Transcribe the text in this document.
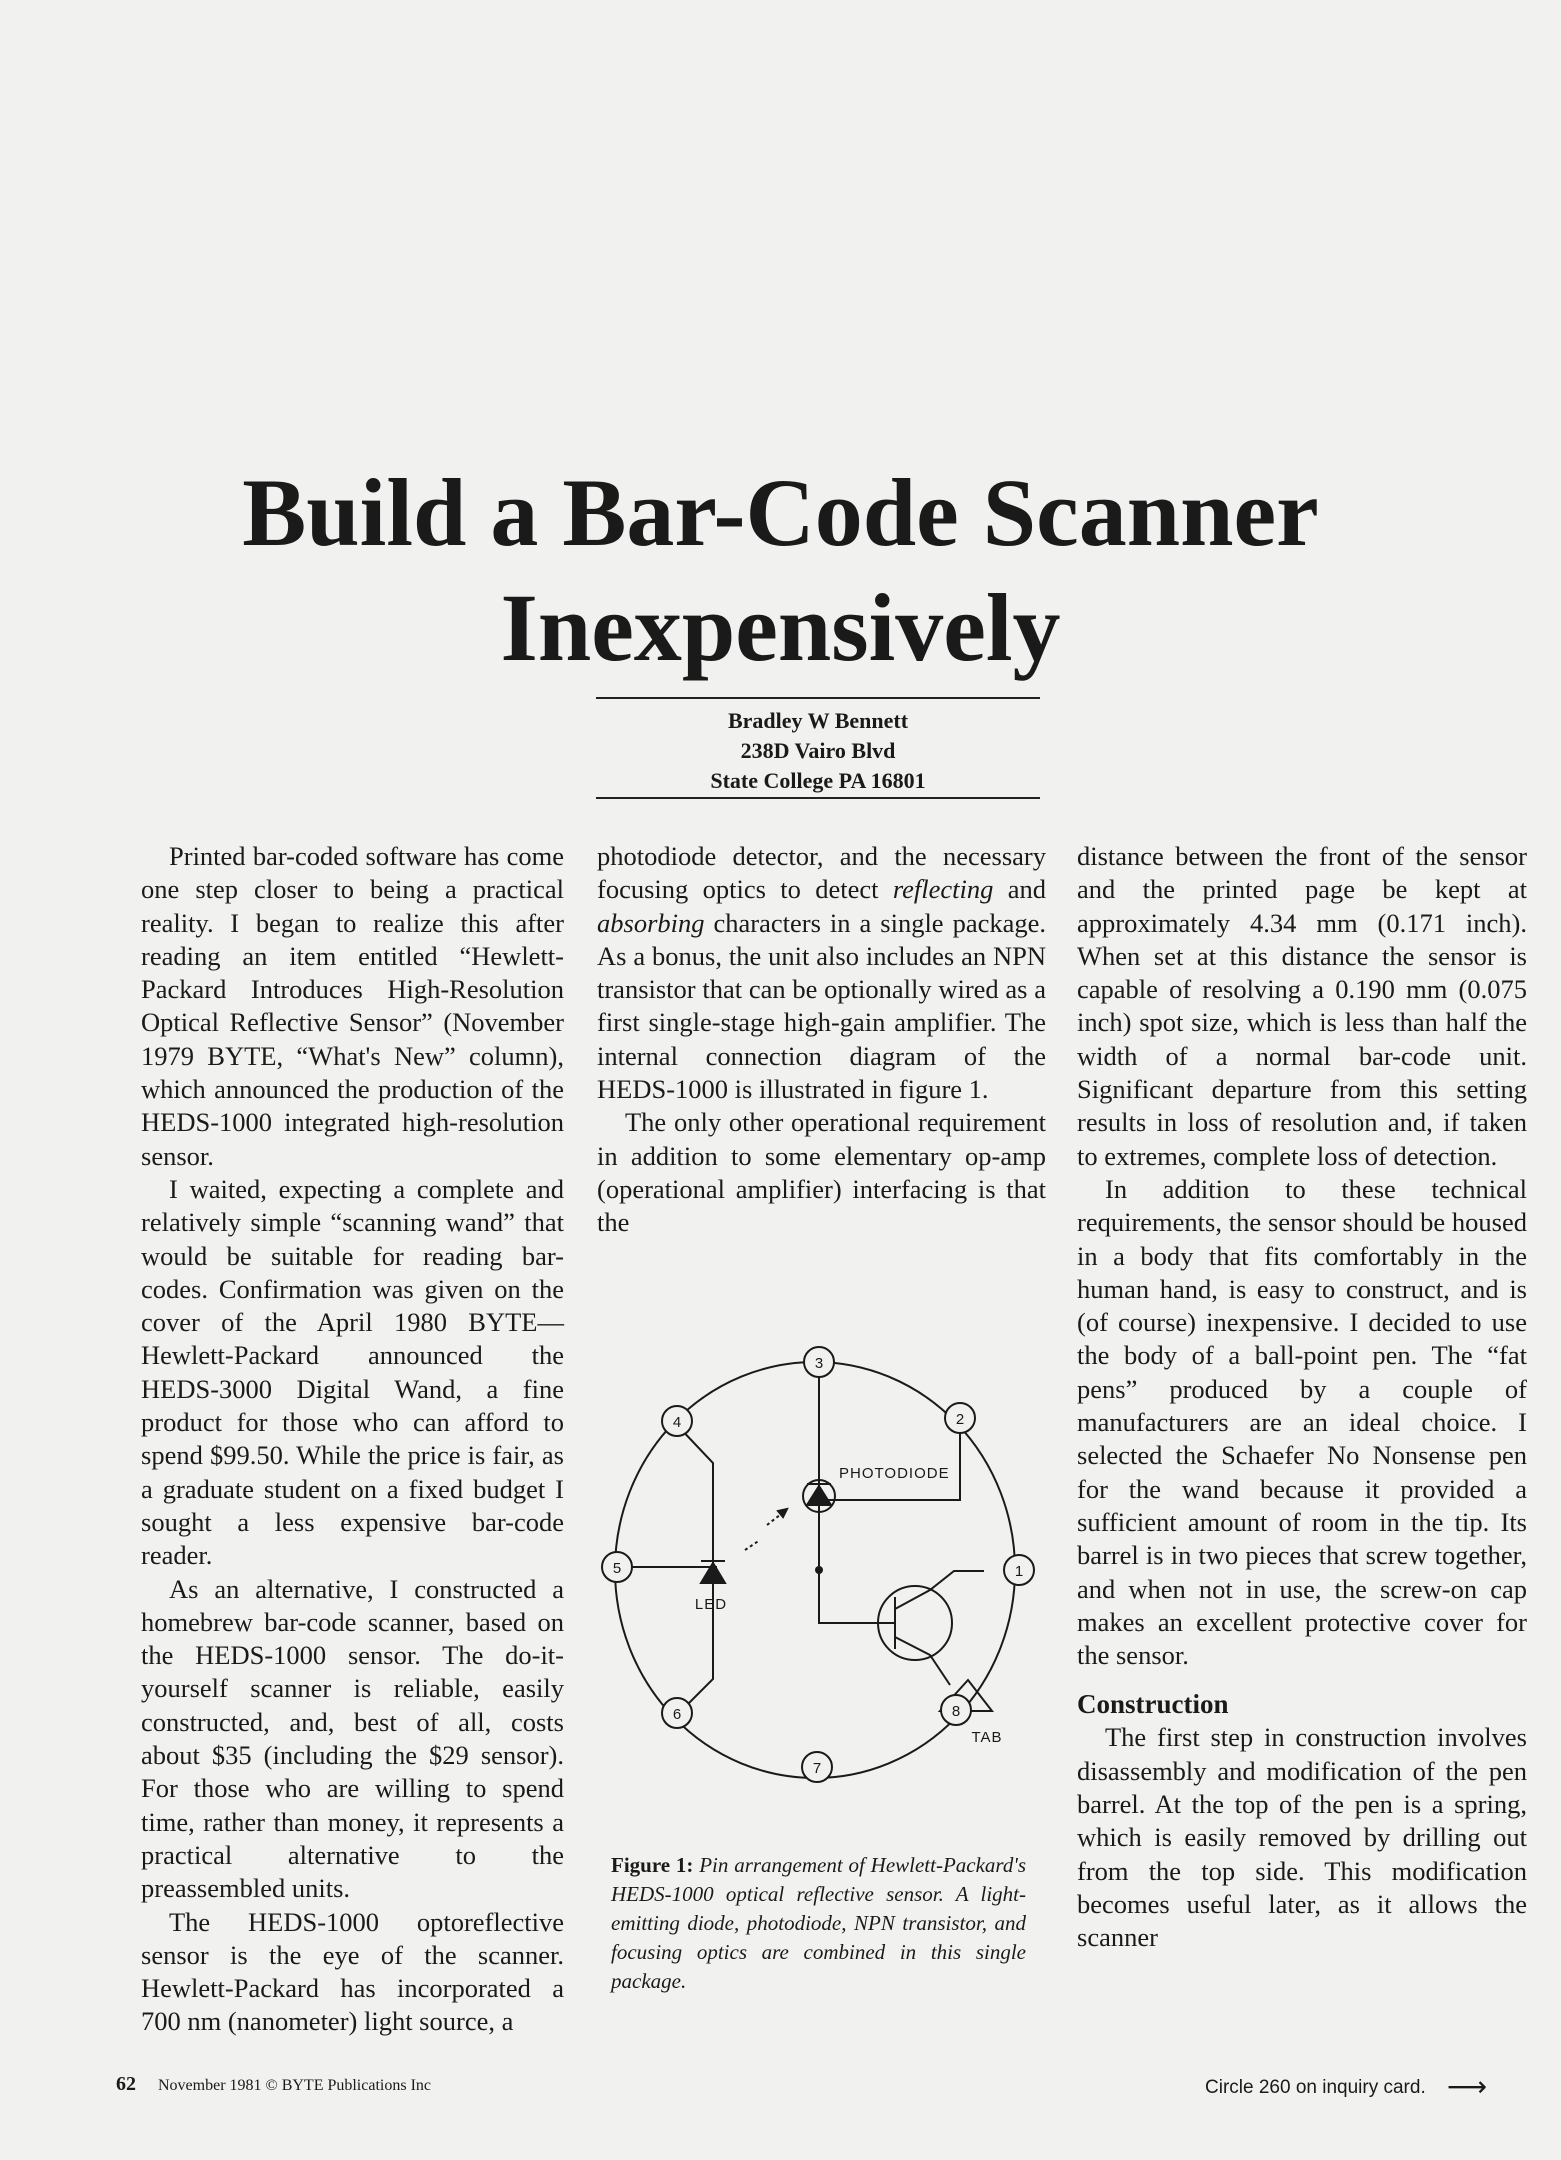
Build a Bar-Code Scanner
Inexpensively
Bradley W Bennett
238D Vairo Blvd
State College PA 16801

Printed bar-coded software has come one step closer to being a practical reality. I began to realize this after reading an item entitled “Hewlett-Packard Introduces High-Resolution Optical Reflective Sensor” (November 1979 BYTE, “What's New” column), which announced the production of the HEDS-1000 integrated high-resolution sensor.

I waited, expecting a complete and relatively simple “scanning wand” that would be suitable for reading bar-codes. Confirmation was given on the cover of the April 1980 BYTE—Hewlett-Packard announced the HEDS-3000 Digital Wand, a fine product for those who can afford to spend $99.50. While the price is fair, as a graduate student on a fixed budget I sought a less expensive bar-code reader.

As an alternative, I constructed a homebrew bar-code scanner, based on the HEDS-1000 sensor. The do-it-yourself scanner is reliable, easily constructed, and, best of all, costs about $35 (including the $29 sensor). For those who are willing to spend time, rather than money, it represents a practical alternative to the preassembled units.

The HEDS-1000 optoreflective sensor is the eye of the scanner. Hewlett-Packard has incorporated a 700 nm (nanometer) light source, a

photodiode detector, and the necessary focusing optics to detect reflecting and absorbing characters in a single package. As a bonus, the unit also includes an NPN transistor that can be optionally wired as a first single-stage high-gain amplifier. The internal connection diagram of the HEDS-1000 is illustrated in figure 1.

The only other operational requirement in addition to some elementary op-amp (operational amplifier) interfacing is that the

1
2
3
4
5
6
7
8
PHOTODIODE
LED
TAB
Figure 1: Pin arrangement of Hewlett-Packard's HEDS-1000 optical reflective sensor. A light-emitting diode, photodiode, NPN transistor, and focusing optics are combined in this single package.

distance between the front of the sensor and the printed page be kept at approximately 4.34 mm (0.171 inch). When set at this distance the sensor is capable of resolving a 0.190 mm (0.075 inch) spot size, which is less than half the width of a normal bar-code unit. Significant departure from this setting results in loss of resolution and, if taken to extremes, complete loss of detection.

In addition to these technical requirements, the sensor should be housed in a body that fits comfortably in the human hand, is easy to construct, and is (of course) inexpensive. I decided to use the body of a ball-point pen. The “fat pens” produced by a couple of manufacturers are an ideal choice. I selected the Schaefer No Nonsense pen for the wand because it provided a sufficient amount of room in the tip. Its barrel is in two pieces that screw together, and when not in use, the screw-on cap makes an excellent protective cover for the sensor.

Construction

The first step in construction involves disassembly and modification of the pen barrel. At the top of the pen is a spring, which is easily removed by drilling out from the top side. This modification becomes useful later, as it allows the scanner

62 November 1981 © BYTE Publications Inc	Circle 260 on inquiry card. ⟶
